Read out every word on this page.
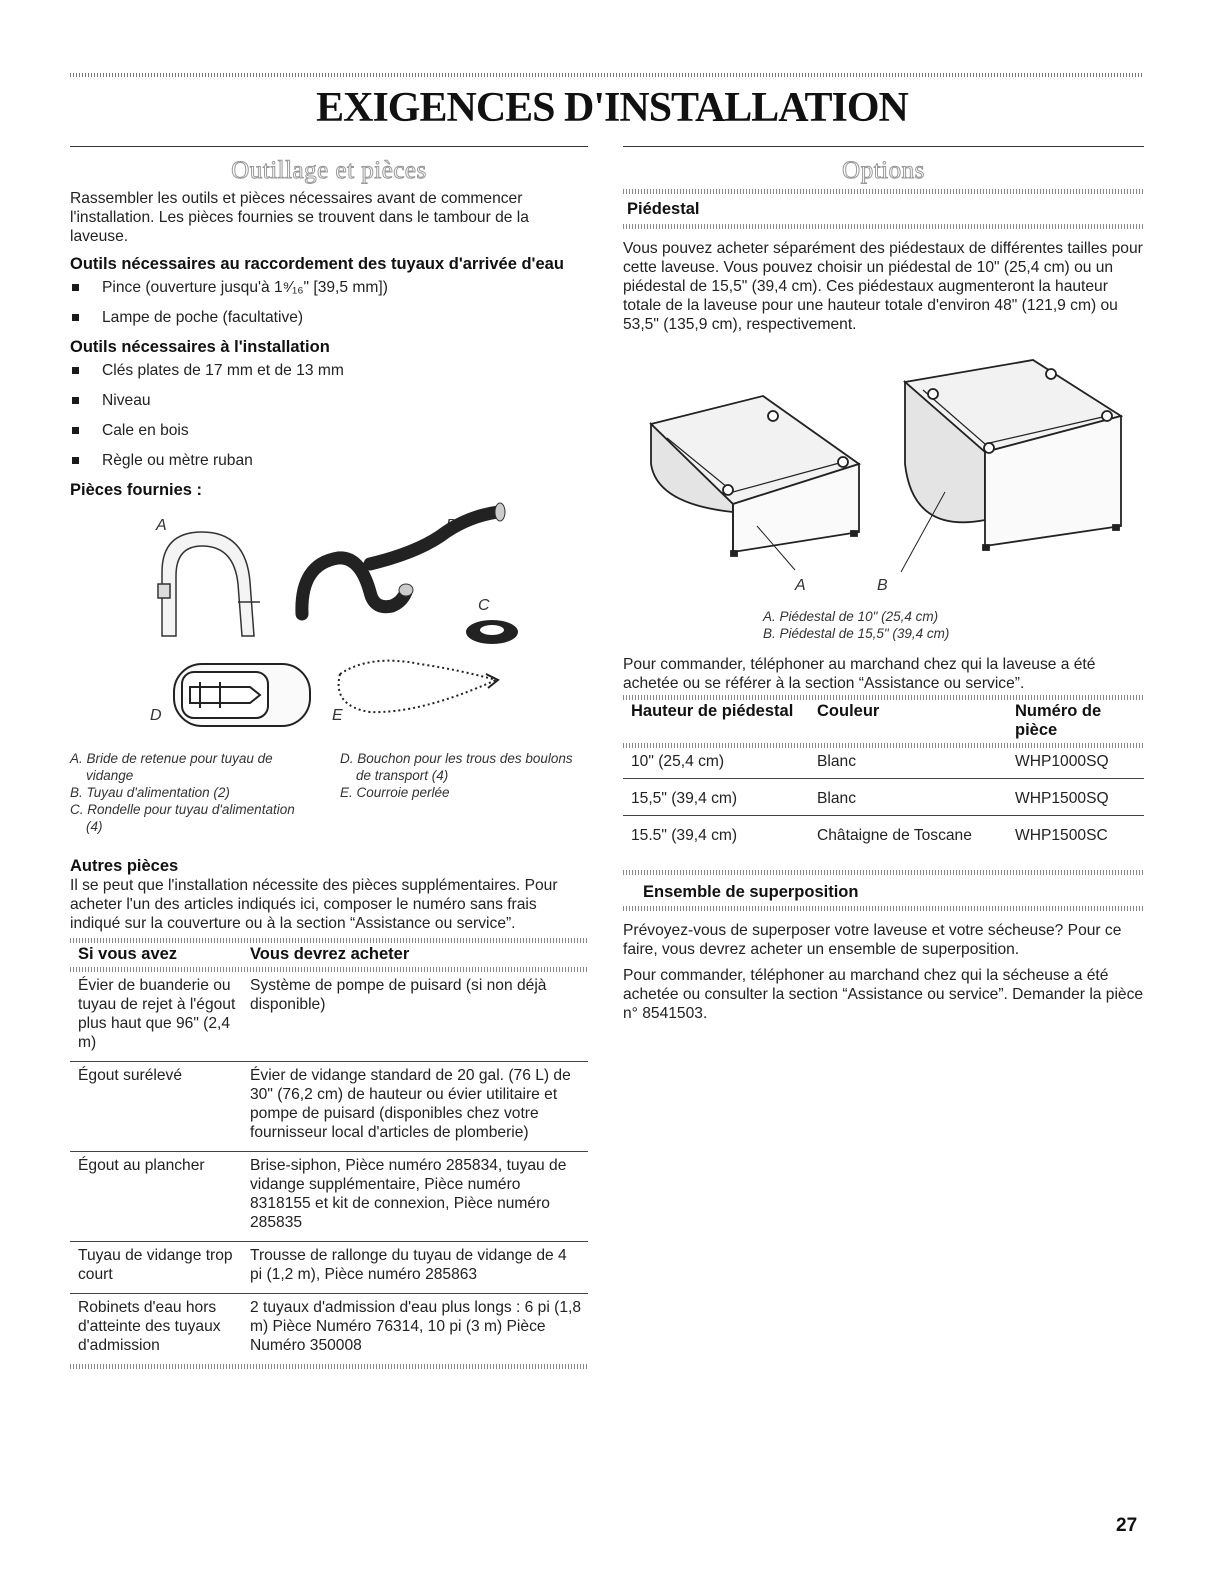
EXIGENCES D'INSTALLATION
Outillage et pièces

Rassembler les outils et pièces nécessaires avant de commencer l'installation. Les pièces fournies se trouvent dans le tambour de la laveuse.

Outils nécessaires au raccordement des tuyaux d'arrivée d'eau
Pince (ouverture jusqu'à 1⁹⁄₁₆" [39,5 mm])
Lampe de poche (facultative)
Outils nécessaires à l'installation
Clés plates de 17 mm et de 13 mm
Niveau
Cale en bois
Règle ou mètre ruban
Pièces fournies :
A	B
C
D	E
A. Bride de retenue pour tuyau de vidange
B. Tuyau d'alimentation (2)
C. Rondelle pour tuyau d'alimentation (4)
D. Bouchon pour les trous des boulons de transport (4)
E. Courroie perlée
Autres pièces

Il se peut que l'installation nécessite des pièces supplémentaires. Pour acheter l'un des articles indiqués ici, composer le numéro sans frais indiqué sur la couverture ou à la section “Assistance ou service”.

Si vous avez	Vous devrez acheter

Évier de buanderie ou tuyau de rejet à l'égout plus haut que 96" (2,4 m)	Système de pompe de puisard (si non déjà disponible)
Égout surélevé	Évier de vidange standard de 20 gal. (76 L) de 30" (76,2 cm) de hauteur ou évier utilitaire et pompe de puisard (disponibles chez votre fournisseur local d'articles de plomberie)
Égout au plancher	Brise-siphon, Pièce numéro 285834, tuyau de vidange supplémentaire, Pièce numéro 8318155 et kit de connexion, Pièce numéro 285835
Tuyau de vidange trop court	Trousse de rallonge du tuyau de vidange de 4 pi (1,2 m), Pièce numéro 285863
Robinets d'eau hors d'atteinte des tuyaux d'admission	2 tuyaux d'admission d'eau plus longs : 6 pi (1,8 m) Pièce Numéro 76314, 10 pi (3 m) Pièce Numéro 350008
Options
Piédestal

Vous pouvez acheter séparément des piédestaux de différentes tailles pour cette laveuse. Vous pouvez choisir un piédestal de 10" (25,4 cm) ou un piédestal de 15,5" (39,4 cm). Ces piédestaux augmenteront la hauteur totale de la laveuse pour une hauteur totale d'environ 48" (121,9 cm) ou 53,5" (135,9 cm), respectivement.

A	B
A. Piédestal de 10" (25,4 cm)
B. Piédestal de 15,5" (39,4 cm)

Pour commander, téléphoner au marchand chez qui la laveuse a été achetée ou se référer à la section “Assistance ou service”.

Hauteur de piédestal	Couleur	Numéro de pièce

10" (25,4 cm)	Blanc	WHP1000SQ
15,5" (39,4 cm)	Blanc	WHP1500SQ
15.5" (39,4 cm)	Châtaigne de Toscane	WHP1500SC
Ensemble de superposition

Prévoyez-vous de superposer votre laveuse et votre sécheuse? Pour ce faire, vous devrez acheter un ensemble de superposition.

Pour commander, téléphoner au marchand chez qui la sécheuse a été achetée ou consulter la section “Assistance ou service”. Demander la pièce n° 8541503.

27
